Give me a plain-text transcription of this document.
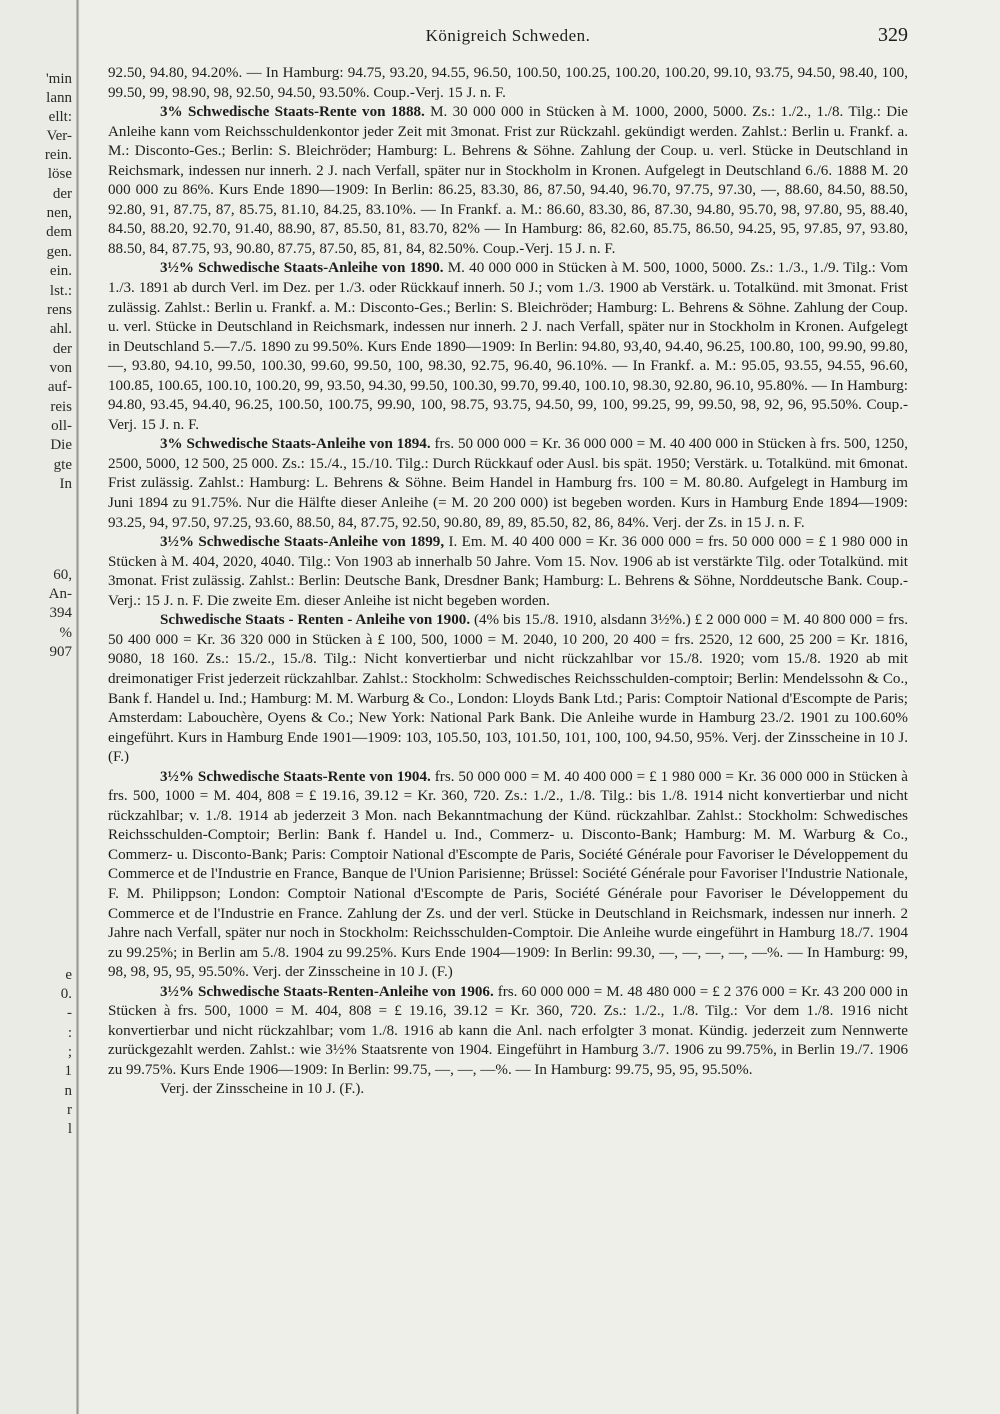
'min
lann
ellt:
Ver-
rein.
löse
der
nen,
dem
gen.
ein.
lst.:
rens
ahl.
der
von
auf-
reis
oll-
Die
gte
In
60,
An-
394
%
907
e
0.
-
:
;
1
n
r
l
Königreich Schweden.	329

92.50, 94.80, 94.20%. — In Hamburg: 94.75, 93.20, 94.55, 96.50, 100.50, 100.25, 100.20, 100.20, 99.10, 93.75, 94.50, 98.40, 100, 99.50, 99, 98.90, 98, 92.50, 94.50, 93.50%. Coup.-Verj. 15 J. n. F.

3% Schwedische Staats-Rente von 1888. M. 30 000 000 in Stücken à M. 1000, 2000, 5000. Zs.: 1./2., 1./8. Tilg.: Die Anleihe kann vom Reichsschuldenkontor jeder Zeit mit 3monat. Frist zur Rückzahl. gekündigt werden. Zahlst.: Berlin u. Frankf. a. M.: Disconto-Ges.; Berlin: S. Bleichröder; Hamburg: L. Behrens & Söhne. Zahlung der Coup. u. verl. Stücke in Deutschland in Reichsmark, indessen nur innerh. 2 J. nach Verfall, später nur in Stockholm in Kronen. Aufgelegt in Deutschland 6./6. 1888 M. 20 000 000 zu 86%. Kurs Ende 1890—1909: In Berlin: 86.25, 83.30, 86, 87.50, 94.40, 96.70, 97.75, 97.30, —, 88.60, 84.50, 88.50, 92.80, 91, 87.75, 87, 85.75, 81.10, 84.25, 83.10%. — In Frankf. a. M.: 86.60, 83.30, 86, 87.30, 94.80, 95.70, 98, 97.80, 95, 88.40, 84.50, 88.20, 92.70, 91.40, 88.90, 87, 85.50, 81, 83.70, 82% — In Hamburg: 86, 82.60, 85.75, 86.50, 94.25, 95, 97.85, 97, 93.80, 88.50, 84, 87.75, 93, 90.80, 87.75, 87.50, 85, 81, 84, 82.50%. Coup.-Verj. 15 J. n. F.

3½% Schwedische Staats-Anleihe von 1890. M. 40 000 000 in Stücken à M. 500, 1000, 5000. Zs.: 1./3., 1./9. Tilg.: Vom 1./3. 1891 ab durch Verl. im Dez. per 1./3. oder Rückkauf innerh. 50 J.; vom 1./3. 1900 ab Verstärk. u. Totalkünd. mit 3monat. Frist zulässig. Zahlst.: Berlin u. Frankf. a. M.: Disconto-Ges.; Berlin: S. Bleichröder; Hamburg: L. Behrens & Söhne. Zahlung der Coup. u. verl. Stücke in Deutschland in Reichsmark, indessen nur innerh. 2 J. nach Verfall, später nur in Stockholm in Kronen. Aufgelegt in Deutschland 5.—7./5. 1890 zu 99.50%. Kurs Ende 1890—1909: In Berlin: 94.80, 93,40, 94.40, 96.25, 100.80, 100, 99.90, 99.80, —, 93.80, 94.10, 99.50, 100.30, 99.60, 99.50, 100, 98.30, 92.75, 96.40, 96.10%. — In Frankf. a. M.: 95.05, 93.55, 94.55, 96.60, 100.85, 100.65, 100.10, 100.20, 99, 93.50, 94.30, 99.50, 100.30, 99.70, 99.40, 100.10, 98.30, 92.80, 96.10, 95.80%. — In Hamburg: 94.80, 93.45, 94.40, 96.25, 100.50, 100.75, 99.90, 100, 98.75, 93.75, 94.50, 99, 100, 99.25, 99, 99.50, 98, 92, 96, 95.50%. Coup.-Verj. 15 J. n. F.

3% Schwedische Staats-Anleihe von 1894. frs. 50 000 000 = Kr. 36 000 000 = M. 40 400 000 in Stücken à frs. 500, 1250, 2500, 5000, 12 500, 25 000. Zs.: 15./4., 15./10. Tilg.: Durch Rückkauf oder Ausl. bis spät. 1950; Verstärk. u. Totalkünd. mit 6monat. Frist zulässig. Zahlst.: Hamburg: L. Behrens & Söhne. Beim Handel in Hamburg frs. 100 = M. 80.80. Aufgelegt in Hamburg im Juni 1894 zu 91.75%. Nur die Hälfte dieser Anleihe (= M. 20 200 000) ist begeben worden. Kurs in Hamburg Ende 1894—1909: 93.25, 94, 97.50, 97.25, 93.60, 88.50, 84, 87.75, 92.50, 90.80, 89, 89, 85.50, 82, 86, 84%. Verj. der Zs. in 15 J. n. F.

3½% Schwedische Staats-Anleihe von 1899, I. Em. M. 40 400 000 = Kr. 36 000 000 = frs. 50 000 000 = £ 1 980 000 in Stücken à M. 404, 2020, 4040. Tilg.: Von 1903 ab innerhalb 50 Jahre. Vom 15. Nov. 1906 ab ist verstärkte Tilg. oder Totalkünd. mit 3monat. Frist zulässig. Zahlst.: Berlin: Deutsche Bank, Dresdner Bank; Hamburg: L. Behrens & Söhne, Norddeutsche Bank. Coup.-Verj.: 15 J. n. F. Die zweite Em. dieser Anleihe ist nicht begeben worden.

Schwedische Staats - Renten - Anleihe von 1900. (4% bis 15./8. 1910, alsdann 3½%.) £ 2 000 000 = M. 40 800 000 = frs. 50 400 000 = Kr. 36 320 000 in Stücken à £ 100, 500, 1000 = M. 2040, 10 200, 20 400 = frs. 2520, 12 600, 25 200 = Kr. 1816, 9080, 18 160. Zs.: 15./2., 15./8. Tilg.: Nicht konvertierbar und nicht rückzahlbar vor 15./8. 1920; vom 15./8. 1920 ab mit dreimonatiger Frist jederzeit rückzahlbar. Zahlst.: Stockholm: Schwedisches Reichsschulden-comptoir; Berlin: Mendelssohn & Co., Bank f. Handel u. Ind.; Hamburg: M. M. Warburg & Co., London: Lloyds Bank Ltd.; Paris: Comptoir National d'Escompte de Paris; Amsterdam: Labouchère, Oyens & Co.; New York: National Park Bank. Die Anleihe wurde in Hamburg 23./2. 1901 zu 100.60% eingeführt. Kurs in Hamburg Ende 1901—1909: 103, 105.50, 103, 101.50, 101, 100, 100, 94.50, 95%. Verj. der Zinsscheine in 10 J. (F.)

3½% Schwedische Staats-Rente von 1904. frs. 50 000 000 = M. 40 400 000 = £ 1 980 000 = Kr. 36 000 000 in Stücken à frs. 500, 1000 = M. 404, 808 = £ 19.16, 39.12 = Kr. 360, 720. Zs.: 1./2., 1./8. Tilg.: bis 1./8. 1914 nicht konvertierbar und nicht rückzahlbar; v. 1./8. 1914 ab jederzeit 3 Mon. nach Bekanntmachung der Künd. rückzahlbar. Zahlst.: Stockholm: Schwedisches Reichsschulden-Comptoir; Berlin: Bank f. Handel u. Ind., Commerz- u. Disconto-Bank; Hamburg: M. M. Warburg & Co., Commerz- u. Disconto-Bank; Paris: Comptoir National d'Escompte de Paris, Société Générale pour Favoriser le Développement du Commerce et de l'Industrie en France, Banque de l'Union Parisienne; Brüssel: Société Générale pour Favoriser l'Industrie Nationale, F. M. Philippson; London: Comptoir National d'Escompte de Paris, Société Générale pour Favoriser le Développement du Commerce et de l'Industrie en France. Zahlung der Zs. und der verl. Stücke in Deutschland in Reichsmark, indessen nur innerh. 2 Jahre nach Verfall, später nur noch in Stockholm: Reichsschulden-Comptoir. Die Anleihe wurde eingeführt in Hamburg 18./7. 1904 zu 99.25%; in Berlin am 5./8. 1904 zu 99.25%. Kurs Ende 1904—1909: In Berlin: 99.30, —, —, —, —, —%. — In Hamburg: 99, 98, 98, 95, 95, 95.50%. Verj. der Zinsscheine in 10 J. (F.)

3½% Schwedische Staats-Renten-Anleihe von 1906. frs. 60 000 000 = M. 48 480 000 = £ 2 376 000 = Kr. 43 200 000 in Stücken à frs. 500, 1000 = M. 404, 808 = £ 19.16, 39.12 = Kr. 360, 720. Zs.: 1./2., 1./8. Tilg.: Vor dem 1./8. 1916 nicht konvertierbar und nicht rückzahlbar; vom 1./8. 1916 ab kann die Anl. nach erfolgter 3 monat. Kündig. jederzeit zum Nennwerte zurückgezahlt werden. Zahlst.: wie 3½% Staatsrente von 1904. Eingeführt in Hamburg 3./7. 1906 zu 99.75%, in Berlin 19./7. 1906 zu 99.75%. Kurs Ende 1906—1909: In Berlin: 99.75, —, —, —%. — In Hamburg: 99.75, 95, 95, 95.50%.

Verj. der Zinsscheine in 10 J. (F.).
